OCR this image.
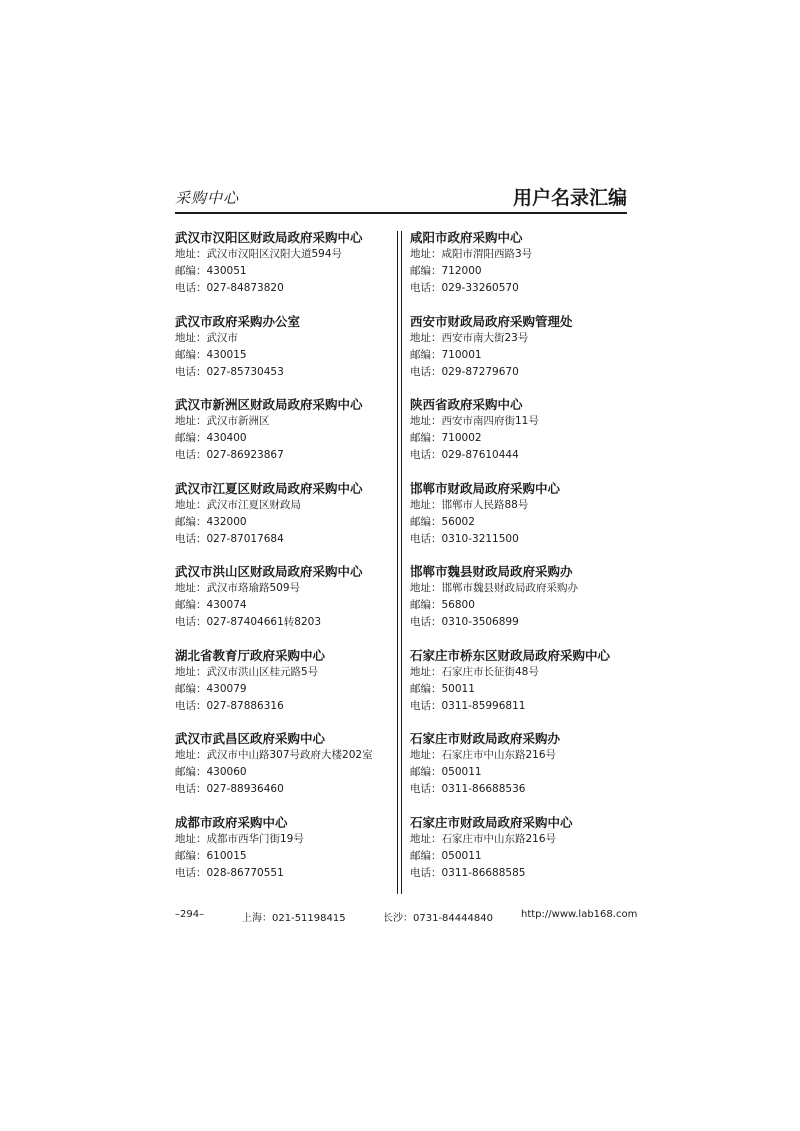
采购中心	用户名录汇编
武汉市汉阳区财政局政府采购中心
地址：武汉市汉阳区汉阳大道594号
邮编：430051
电话：027-84873820
武汉市政府采购办公室
地址：武汉市
邮编：430015
电话：027-85730453
武汉市新洲区财政局政府采购中心
地址：武汉市新洲区
邮编：430400
电话：027-86923867
武汉市江夏区财政局政府采购中心
地址：武汉市江夏区财政局
邮编：432000
电话：027-87017684
武汉市洪山区财政局政府采购中心
地址：武汉市珞瑜路509号
邮编：430074
电话：027-87404661转8203
湖北省教育厅政府采购中心
地址：武汉市洪山区桂元路5号
邮编：430079
电话：027-87886316
武汉市武昌区政府采购中心
地址：武汉市中山路307号政府大楼202室
邮编：430060
电话：027-88936460
成都市政府采购中心
地址：成都市西华门街19号
邮编：610015
电话：028-86770551
咸阳市政府采购中心
地址：咸阳市渭阳西路3号
邮编：712000
电话：029-33260570
西安市财政局政府采购管理处
地址：西安市南大街23号
邮编：710001
电话：029-87279670
陕西省政府采购中心
地址：西安市南四府街11号
邮编：710002
电话：029-87610444
邯郸市财政局政府采购中心
地址：邯郸市人民路88号
邮编：56002
电话：0310-3211500
邯郸市魏县财政局政府采购办
地址：邯郸市魏县财政局政府采购办
邮编：56800
电话：0310-3506899
石家庄市桥东区财政局政府采购中心
地址：石家庄市长征街48号
邮编：50011
电话：0311-85996811
石家庄市财政局政府采购办
地址：石家庄市中山东路216号
邮编：050011
电话：0311-86688536
石家庄市财政局政府采购中心
地址：石家庄市中山东路216号
邮编：050011
电话：0311-86688585
–294–	上海：021-51198415	长沙：0731-84444840	http://www.lab168.com
